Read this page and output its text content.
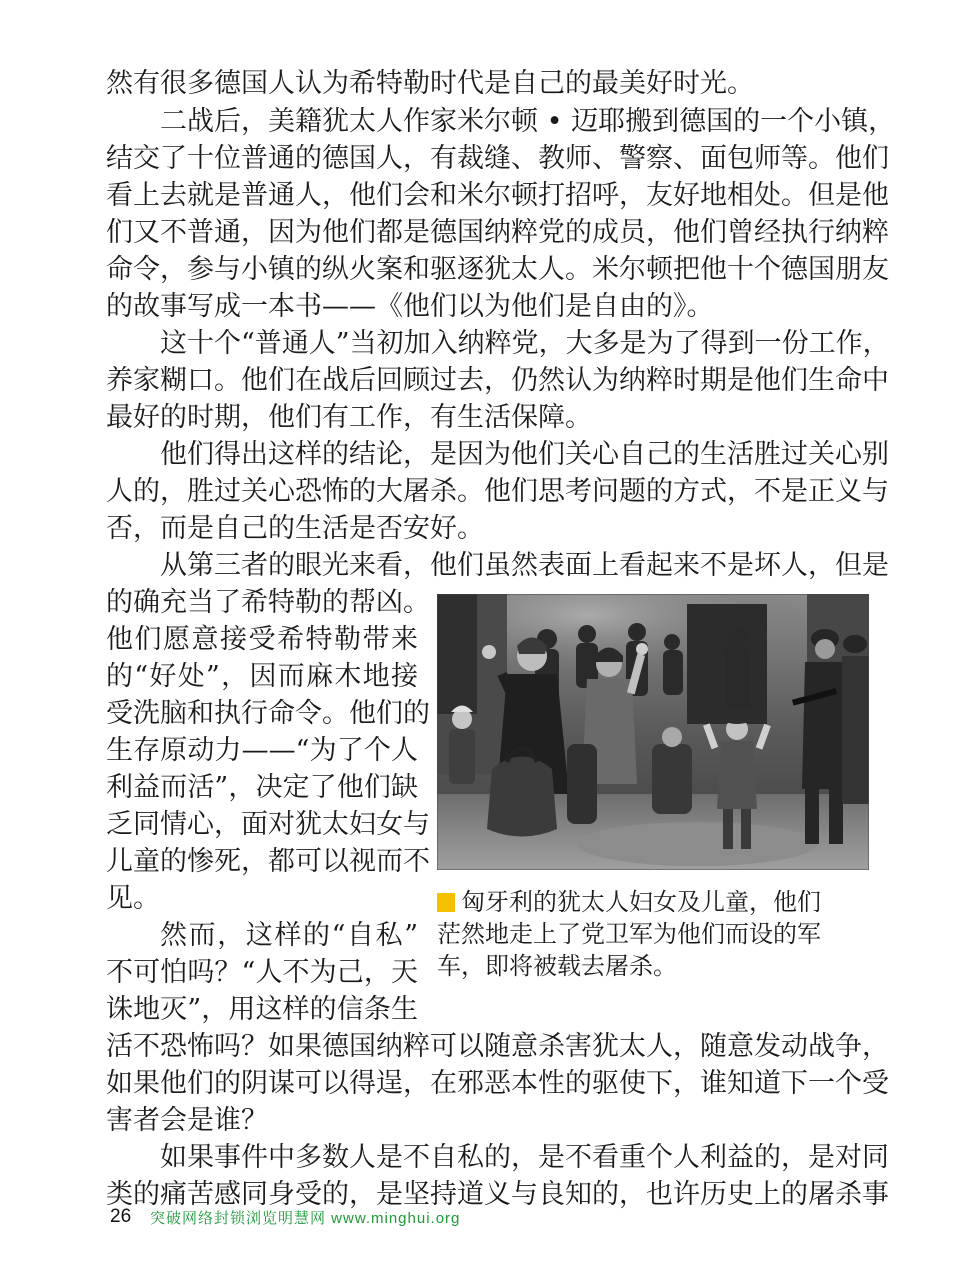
然有很多德国人认为希特勒时代是自己的最美好时光。
二战后，美籍犹太人作家米尔顿 • 迈耶搬到德国的一个小镇，
结交了十位普通的德国人，有裁缝、教师、警察、面包师等。他们
看上去就是普通人，他们会和米尔顿打招呼，友好地相处。但是他
们又不普通，因为他们都是德国纳粹党的成员，他们曾经执行纳粹
命令，参与小镇的纵火案和驱逐犹太人。米尔顿把他十个德国朋友
的故事写成一本书——《他们以为他们是自由的》。
这十个“普通人”当初加入纳粹党，大多是为了得到一份工作，
养家糊口。他们在战后回顾过去，仍然认为纳粹时期是他们生命中
最好的时期，他们有工作，有生活保障。
他们得出这样的结论，是因为他们关心自己的生活胜过关心别
人的，胜过关心恐怖的大屠杀。他们思考问题的方式，不是正义与
否，而是自己的生活是否安好。
从第三者的眼光来看，他们虽然表面上看起来不是坏人，但是
的确充当了希特勒的帮凶。
他们愿意接受希特勒带来
的“好处”，因而麻木地接
受洗脑和执行命令。他们的
生存原动力——“为了个人
利益而活”，决定了他们缺
乏同情心，面对犹太妇女与
儿童的惨死，都可以视而不
见。
然而，这样的“自私”
不可怕吗？“人不为己，天
诛地灭”，用这样的信条生
活不恐怖吗？如果德国纳粹可以随意杀害犹太人，随意发动战争，
如果他们的阴谋可以得逞，在邪恶本性的驱使下，谁知道下一个受
害者会是谁？
如果事件中多数人是不自私的，是不看重个人利益的，是对同
类的痛苦感同身受的，是坚持道义与良知的，也许历史上的屠杀事
匈牙利的犹太人妇女及儿童，他们
茫然地走上了党卫军为他们而设的军
车，即将被载去屠杀。
26 突破网络封锁浏览明慧网 www.minghui.org
